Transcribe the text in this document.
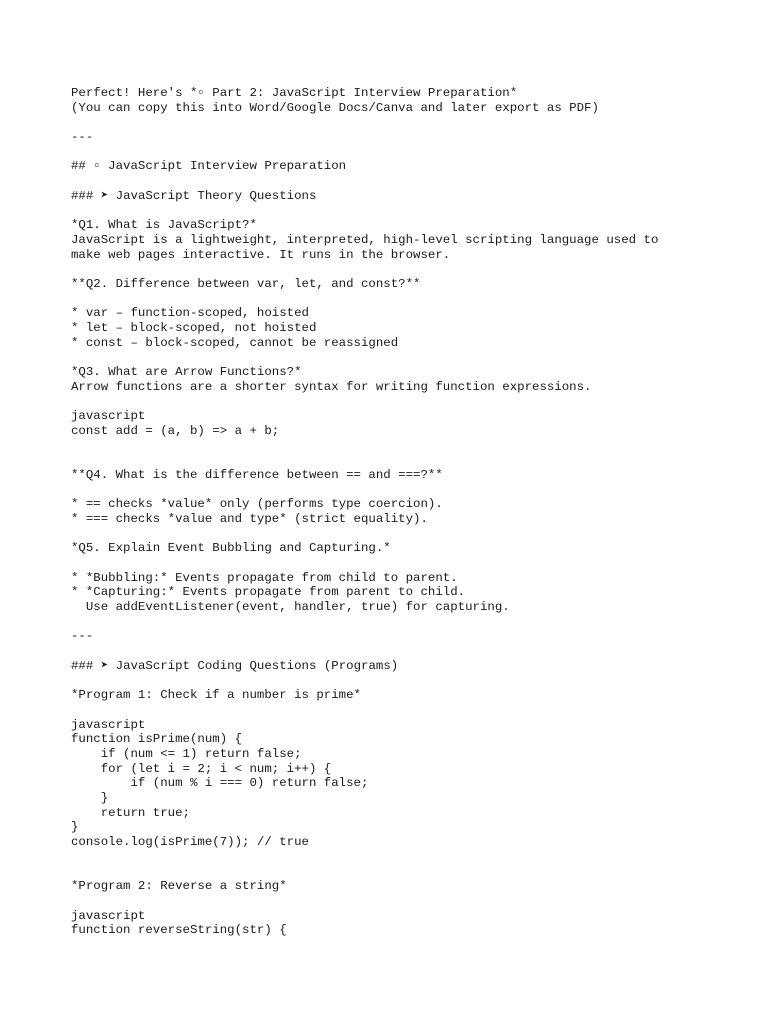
Perfect! Here's *▫ Part 2: JavaScript Interview Preparation*
(You can copy this into Word/Google Docs/Canva and later export as PDF)
---
## ▫ JavaScript Interview Preparation
### ➤ JavaScript Theory Questions
*Q1. What is JavaScript?*
JavaScript is a lightweight, interpreted, high-level scripting language used to
make web pages interactive. It runs in the browser.
**Q2. Difference between var, let, and const?**
* var – function-scoped, hoisted
* let – block-scoped, not hoisted
* const – block-scoped, cannot be reassigned
*Q3. What are Arrow Functions?*
Arrow functions are a shorter syntax for writing function expressions.
javascript
const add = (a, b) => a + b;
**Q4. What is the difference between == and ===?**
* == checks *value* only (performs type coercion).
* === checks *value and type* (strict equality).
*Q5. Explain Event Bubbling and Capturing.*
* *Bubbling:* Events propagate from child to parent.
* *Capturing:* Events propagate from parent to child.
Use addEventListener(event, handler, true) for capturing.
---
### ➤ JavaScript Coding Questions (Programs)
*Program 1: Check if a number is prime*
javascript
function isPrime(num) {
if (num <= 1) return false;
for (let i = 2; i < num; i++) {
if (num % i === 0) return false;
}
return true;
}
console.log(isPrime(7)); // true
*Program 2: Reverse a string*
javascript
function reverseString(str) {
